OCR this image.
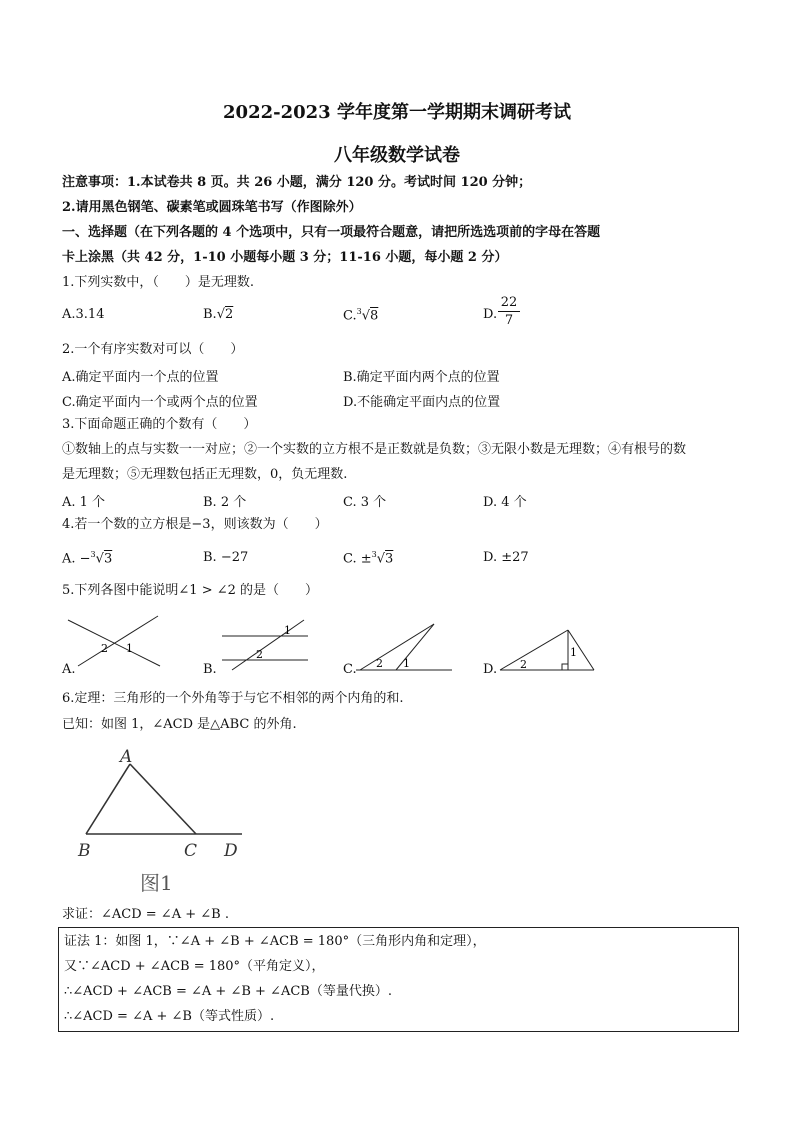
2022-2023 学年度第一学期期末调研考试
八年级数学试卷
注意事项：1.本试卷共 8 页。共 26 小题，满分 120 分。考试时间 120 分钟；
2.请用黑色钢笔、碳素笔或圆珠笔书写（作图除外）
一、选择题（在下列各题的 4 个选项中，只有一项最符合题意，请把所选选项前的字母在答题
卡上涂黑（共 42 分，1-10 小题每小题 3 分；11-16 小题，每小题 2 分）
1.下列实数中，（　　）是无理数.
A.3.14	B.√2	C.$^3$√8	D.
22
7
2.一个有序实数对可以（　　）
A.确定平面内一个点的位置	B.确定平面内两个点的位置
C.确定平面内一个或两个点的位置	D.不能确定平面内点的位置
3.下面命题正确的个数有（　　）
①数轴上的点与实数一一对应；②一个实数的立方根不是正数就是负数；③无限小数是无理数；④有根号的数
是无理数；⑤无理数包括正无理数，0，负无理数.
A. 1 个	B. 2 个	C. 3 个	D. 4 个
4.若一个数的立方根是−3，则该数为（　　）
A. −$^3$√3	B. −27	C. ±$^3$√3	D. ±27
5.下列各图中能说明∠1 > ∠2 的是（　　）
2 1
A.
1
2
B.	2 1
C.	2
1
D.
6.定理：三角形的一个外角等于与它不相邻的两个内角的和.
已知：如图 1，∠ACD 是△ABC 的外角.
A
B	C D
图1
求证：∠ACD = ∠A + ∠B .
证法 1：如图 1，∵∠A + ∠B + ∠ACB = 180°（三角形内角和定理），
又∵∠ACD + ∠ACB = 180°（平角定义），
∴∠ACD + ∠ACB = ∠A + ∠B + ∠ACB（等量代换）.
∴∠ACD = ∠A + ∠B（等式性质）.
